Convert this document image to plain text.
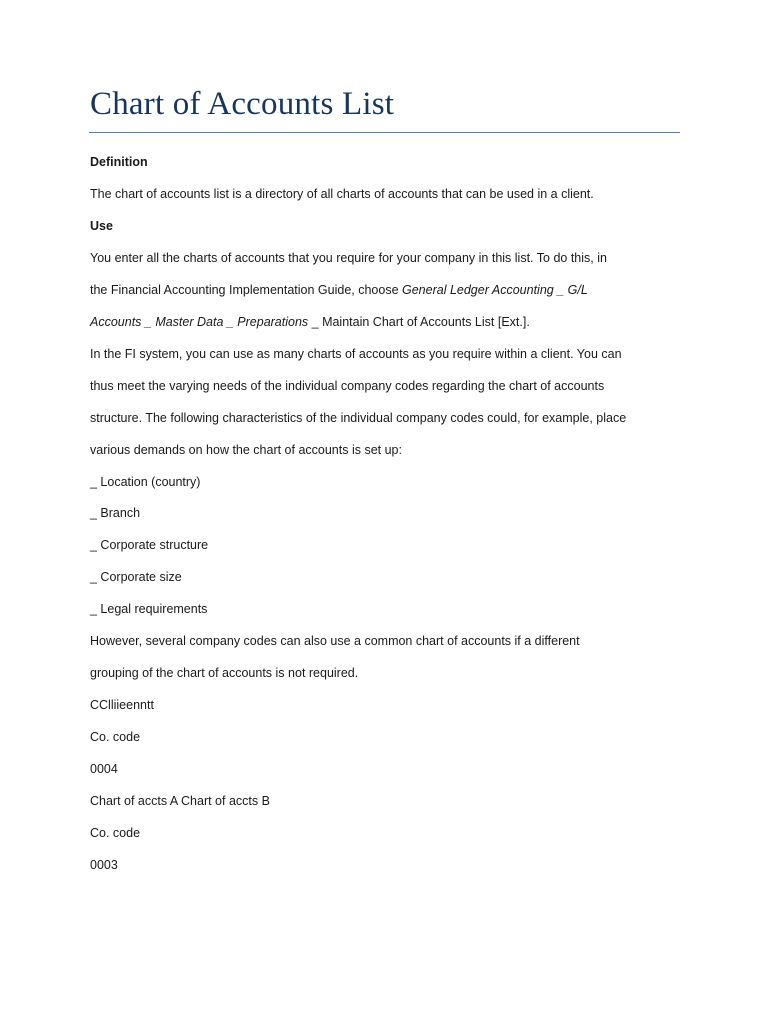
Chart of Accounts List
Definition
The chart of accounts list is a directory of all charts of accounts that can be used in a client.
Use
You enter all the charts of accounts that you require for your company in this list. To do this, in
the Financial Accounting Implementation Guide, choose General Ledger Accounting _ G/L
Accounts _ Master Data _ Preparations _ Maintain Chart of Accounts List [Ext.].
In the FI system, you can use as many charts of accounts as you require within a client. You can
thus meet the varying needs of the individual company codes regarding the chart of accounts
structure. The following characteristics of the individual company codes could, for example, place
various demands on how the chart of accounts is set up:
_ Location (country)
_ Branch
_ Corporate structure
_ Corporate size
_ Legal requirements
However, several company codes can also use a common chart of accounts if a different
grouping of the chart of accounts is not required.
CClliieenntt
Co. code
0004
Chart of accts A Chart of accts B
Co. code
0003
